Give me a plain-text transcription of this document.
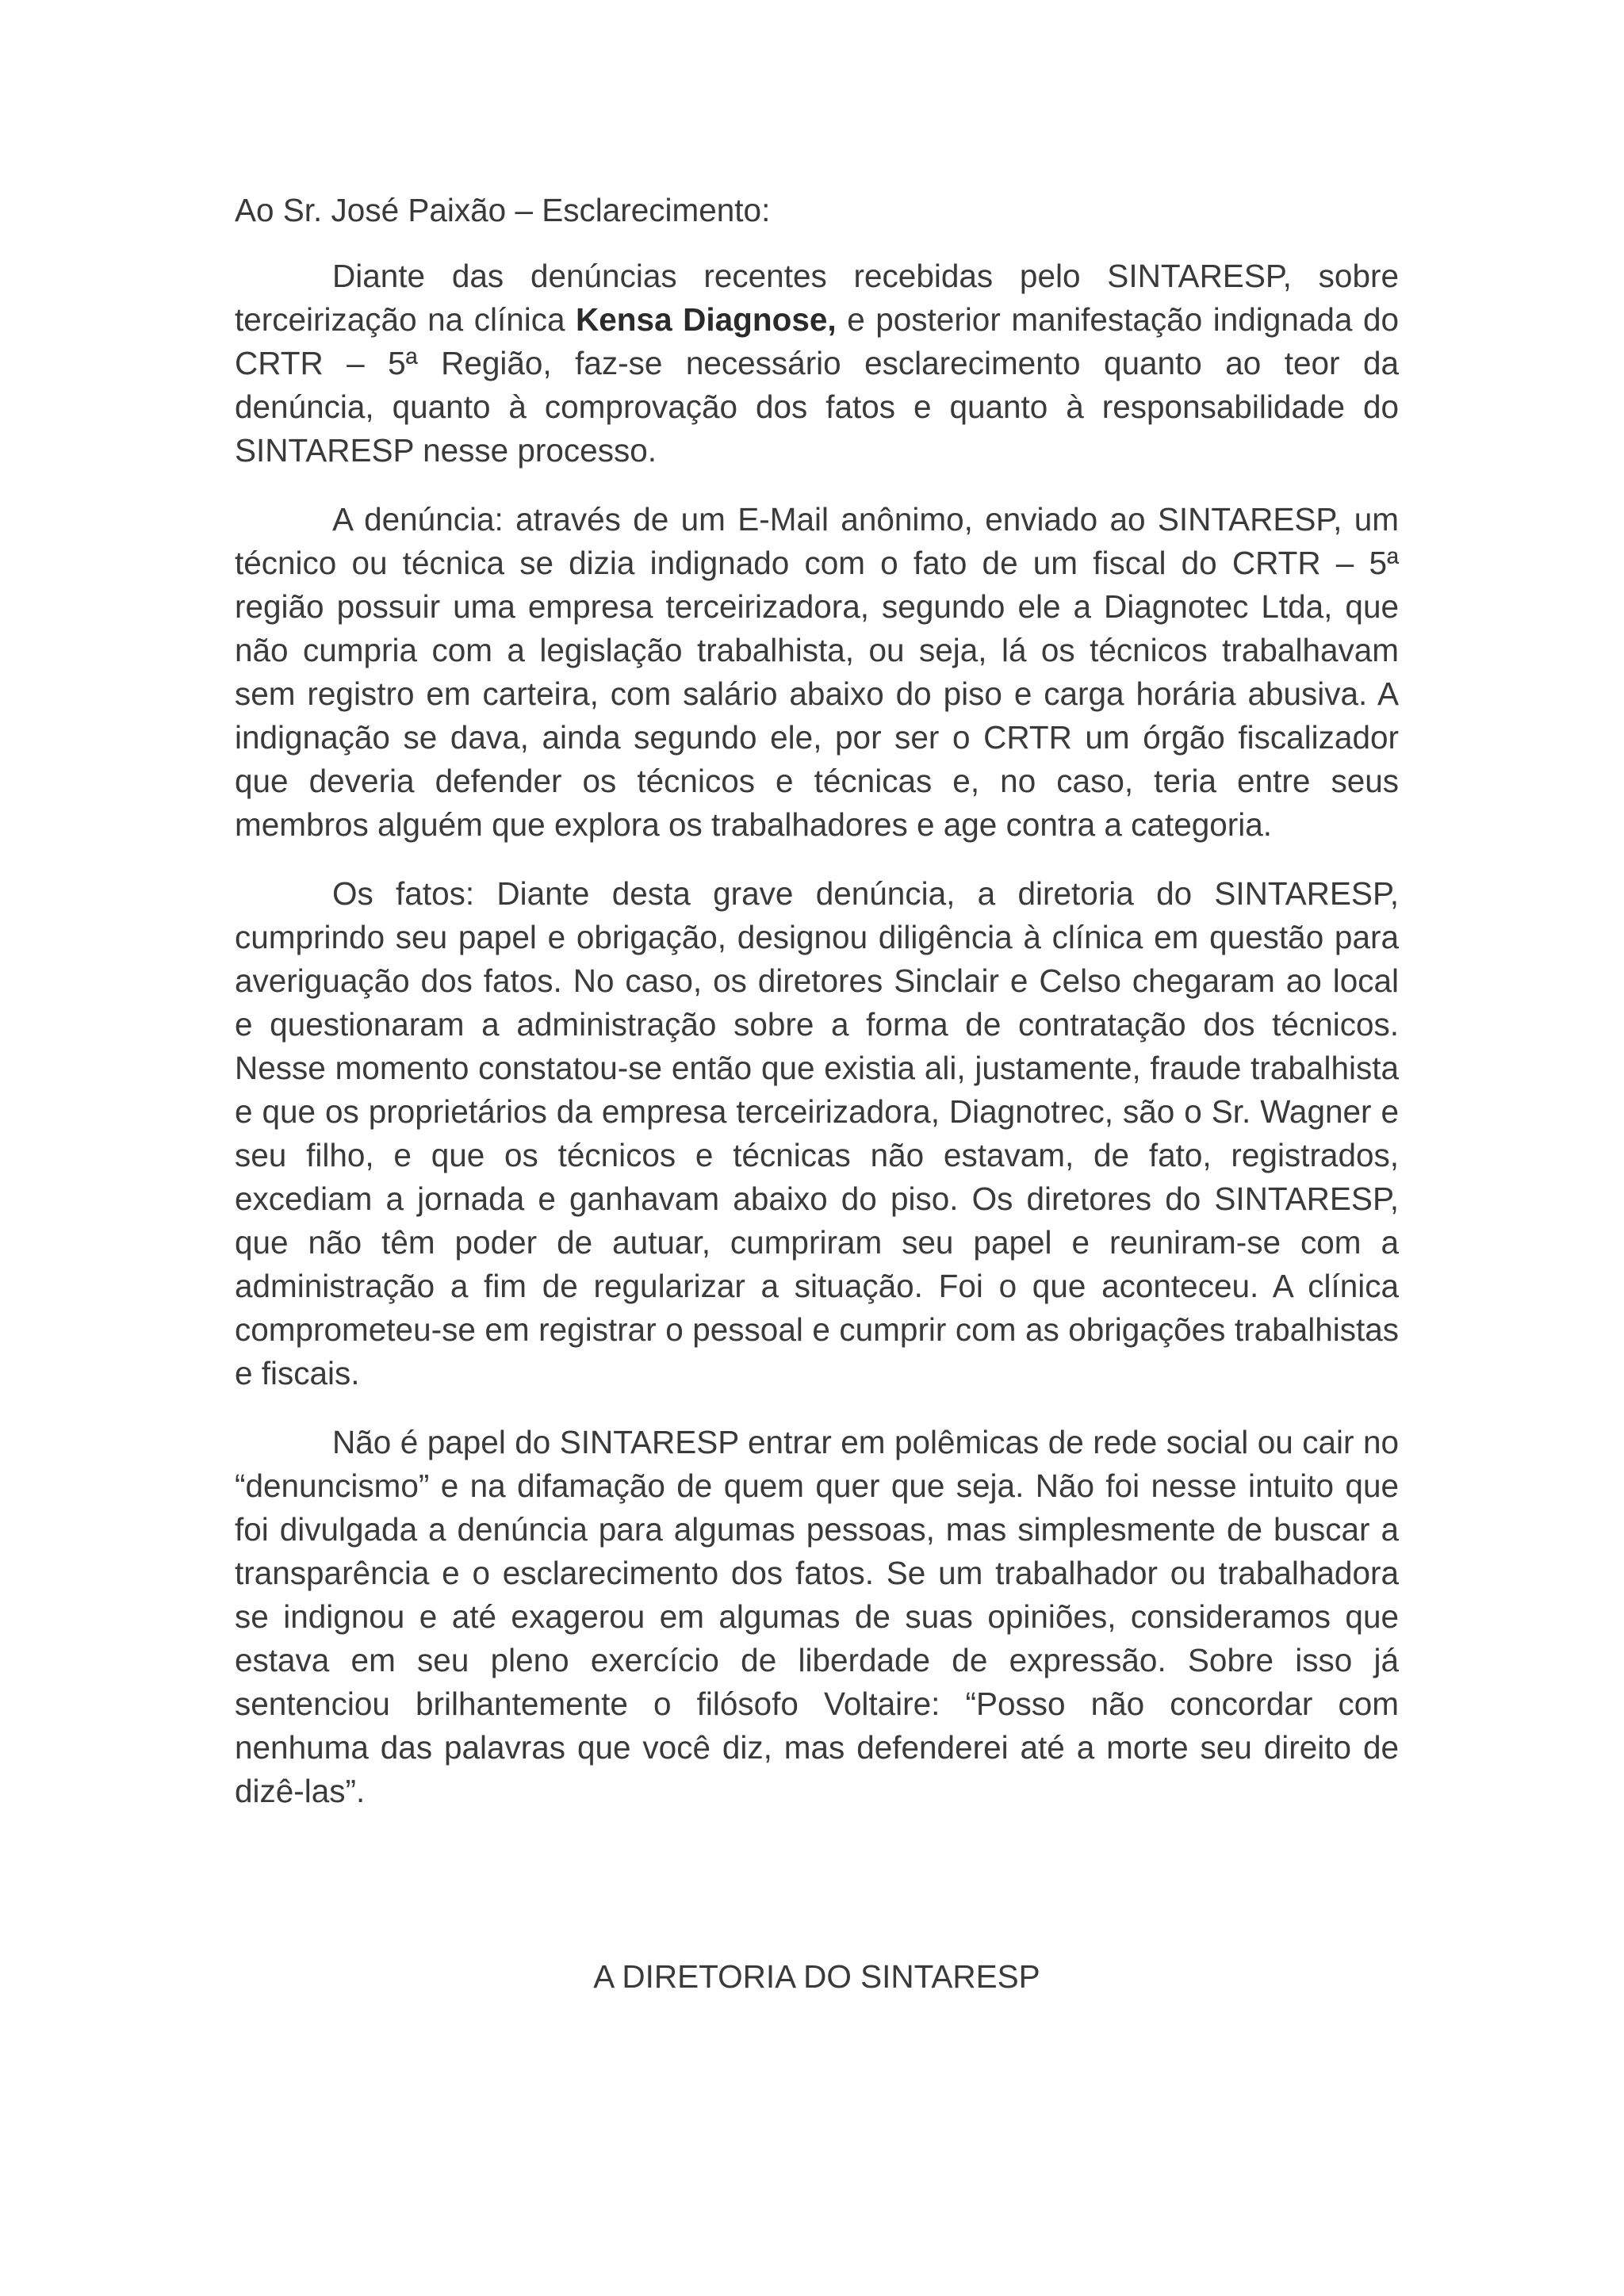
Ao Sr. José Paixão – Esclarecimento:

Diante das denúncias recentes recebidas pelo SINTARESP, sobre terceirização na clínica Kensa Diagnose, e posterior manifestação indignada do CRTR – 5ª Região, faz-se necessário esclarecimento quanto ao teor da denúncia, quanto à comprovação dos fatos e quanto à responsabilidade do SINTARESP nesse processo.

A denúncia: através de um E-Mail anônimo, enviado ao SINTARESP, um técnico ou técnica se dizia indignado com o fato de um fiscal do CRTR – 5ª região possuir uma empresa terceirizadora, segundo ele a Diagnotec Ltda, que não cumpria com a legislação trabalhista, ou seja, lá os técnicos trabalhavam sem registro em carteira, com salário abaixo do piso e carga horária abusiva. A indignação se dava, ainda segundo ele, por ser o CRTR um órgão fiscalizador que deveria defender os técnicos e técnicas e, no caso, teria entre seus membros alguém que explora os trabalhadores e age contra a categoria.

Os fatos: Diante desta grave denúncia, a diretoria do SINTARESP, cumprindo seu papel e obrigação, designou diligência à clínica em questão para averiguação dos fatos. No caso, os diretores Sinclair e Celso chegaram ao local e questionaram a administração sobre a forma de contratação dos técnicos. Nesse momento constatou-se então que existia ali, justamente, fraude trabalhista e que os proprietários da empresa terceirizadora, Diagnotrec, são o Sr. Wagner e seu filho, e que os técnicos e técnicas não estavam, de fato, registrados, excediam a jornada e ganhavam abaixo do piso. Os diretores do SINTARESP, que não têm poder de autuar, cumpriram seu papel e reuniram-se com a administração a fim de regularizar a situação. Foi o que aconteceu. A clínica comprometeu-se em registrar o pessoal e cumprir com as obrigações trabalhistas e fiscais.

Não é papel do SINTARESP entrar em polêmicas de rede social ou cair no “denuncismo” e na difamação de quem quer que seja. Não foi nesse intuito que foi divulgada a denúncia para algumas pessoas, mas simplesmente de buscar a transparência e o esclarecimento dos fatos. Se um trabalhador ou trabalhadora se indignou e até exagerou em algumas de suas opiniões, consideramos que estava em seu pleno exercício de liberdade de expressão. Sobre isso já sentenciou brilhantemente o filósofo Voltaire: “Posso não concordar com nenhuma das palavras que você diz, mas defenderei até a morte seu direito de dizê-las”.

A DIRETORIA DO SINTARESP
